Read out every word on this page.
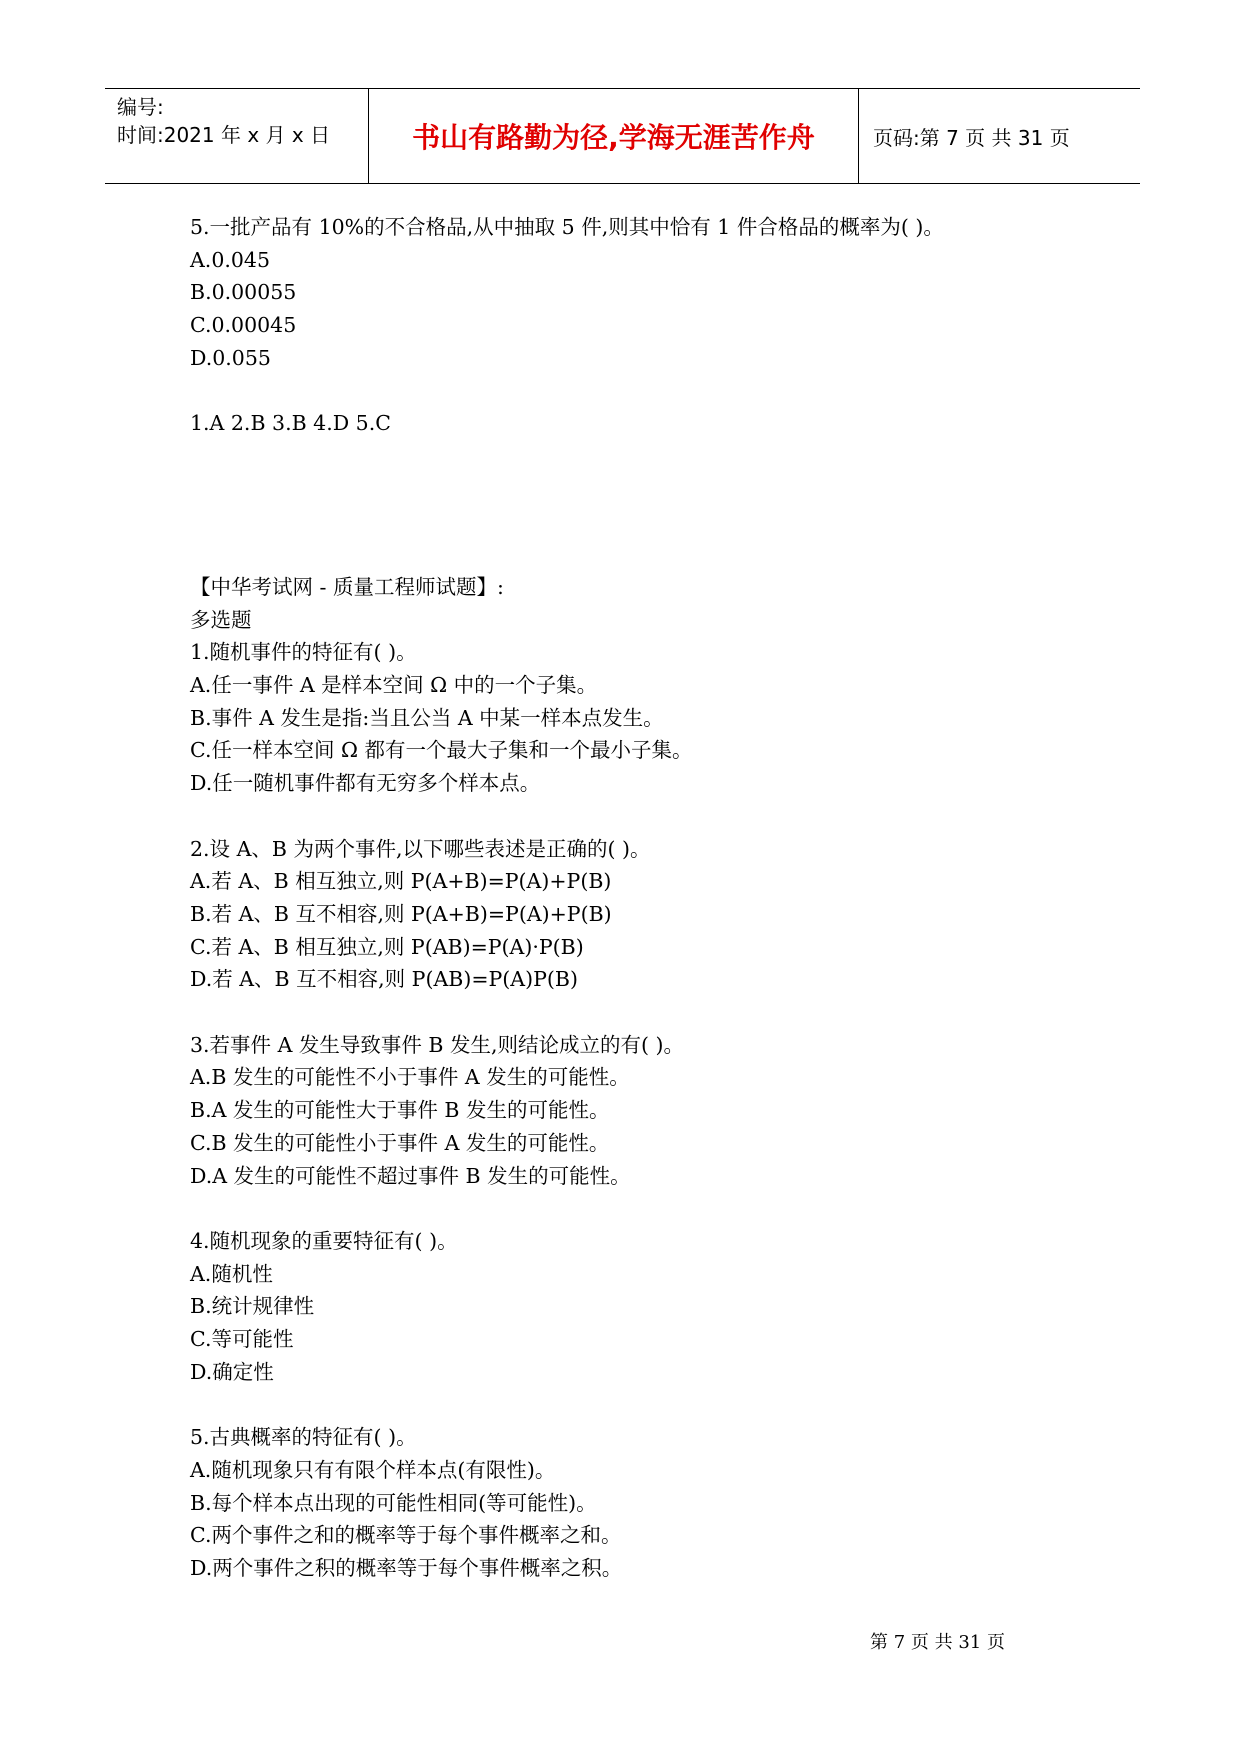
编号:
时间:2021 年 x 月 x 日	书山有路勤为径,学海无涯苦作舟	页码:第 7 页 共 31 页
5.一批产品有 10%的不合格品,从中抽取 5 件,则其中恰有 1 件合格品的概率为( )。
A.0.045
B.0.00055
C.0.00045
D.0.055
1.A 2.B 3.B 4.D 5.C
【中华考试网 - 质量工程师试题】:
多选题
1.随机事件的特征有( )。
A.任一事件 A 是样本空间 Ω 中的一个子集。
B.事件 A 发生是指:当且公当 A 中某一样本点发生。
C.任一样本空间 Ω 都有一个最大子集和一个最小子集。
D.任一随机事件都有无穷多个样本点。
2.设 A、B 为两个事件,以下哪些表述是正确的( )。
A.若 A、B 相互独立,则 P(A+B)=P(A)+P(B)
B.若 A、B 互不相容,则 P(A+B)=P(A)+P(B)
C.若 A、B 相互独立,则 P(AB)=P(A)·P(B)
D.若 A、B 互不相容,则 P(AB)=P(A)P(B)
3.若事件 A 发生导致事件 B 发生,则结论成立的有( )。
A.B 发生的可能性不小于事件 A 发生的可能性。
B.A 发生的可能性大于事件 B 发生的可能性。
C.B 发生的可能性小于事件 A 发生的可能性。
D.A 发生的可能性不超过事件 B 发生的可能性。
4.随机现象的重要特征有( )。
A.随机性
B.统计规律性
C.等可能性
D.确定性
5.古典概率的特征有( )。
A.随机现象只有有限个样本点(有限性)。
B.每个样本点出现的可能性相同(等可能性)。
C.两个事件之和的概率等于每个事件概率之和。
D.两个事件之积的概率等于每个事件概率之积。
第 7 页 共 31 页
